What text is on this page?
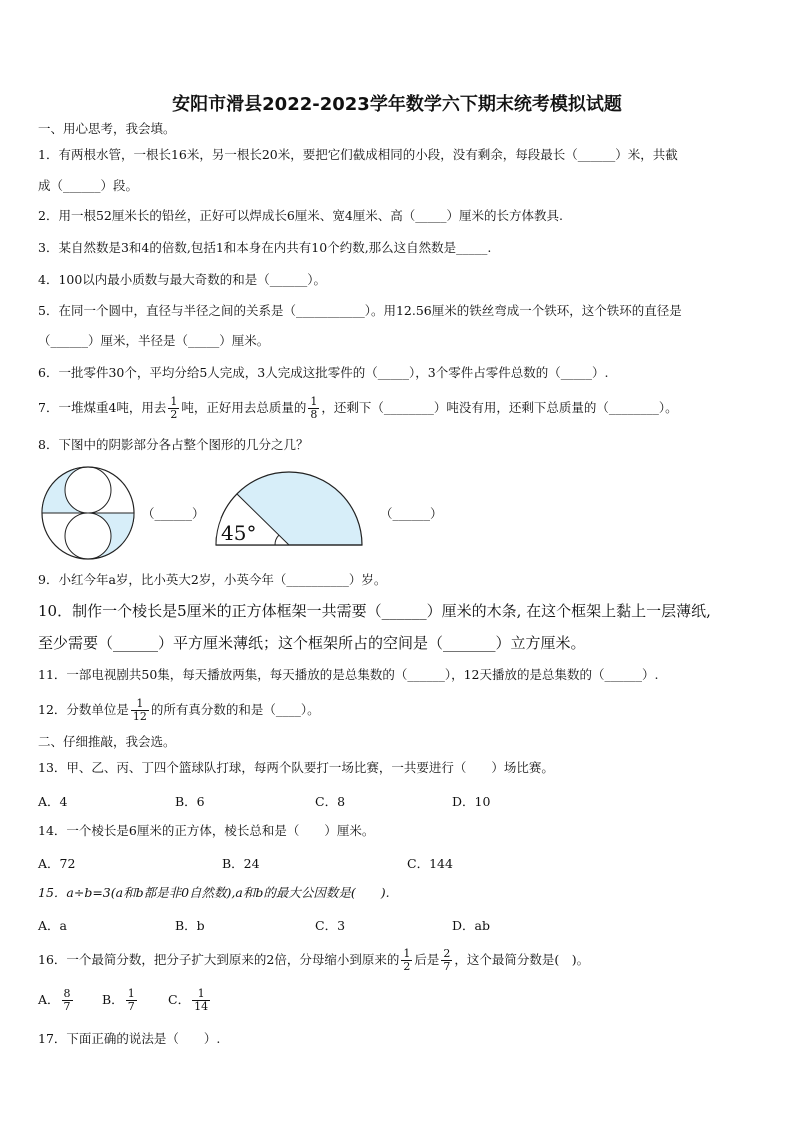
安阳市滑县2022-2023学年数学六下期末统考模拟试题
一、用心思考，我会填。
1．有两根水管，一根长16米，另一根长20米，要把它们截成相同的小段，没有剩余，每段最长（______）米，共截
成（______）段。
2．用一根52厘米长的铅丝，正好可以焊成长6厘米、宽4厘米、高（_____）厘米的长方体教具.
3．某自然数是3和4的倍数,包括1和本身在内共有10个约数,那么这自然数是_____.
4．100以内最小质数与最大奇数的和是（______）。
5．在同一个圆中，直径与半径之间的关系是（___________）。用12.56厘米的铁丝弯成一个铁环，这个铁环的直径是
（______）厘米，半径是（_____）厘米。
6．一批零件30个，平均分给5人完成，3人完成这批零件的（_____），3个零件占零件总数的（_____）.
7．一堆煤重4吨，用去 $\frac{1}{2}$ 吨，正好用去总质量的 $\frac{1}{8}$ ，还剩下（________）吨没有用，还剩下总质量的（________）。
8．下图中的阴影部分各占整个图形的几分之几？
（______）
45°
（______）
9．小红今年a岁，比小英大2岁，小英今年（__________）岁。
10．制作一个棱长是5厘米的正方体框架一共需要（______）厘米的木条, 在这个框架上黏上一层薄纸,
至少需要（______）平方厘米薄纸；这个框架所占的空间是（_______）立方厘米。
11．一部电视剧共50集，每天播放两集，每天播放的是总集数的（______），12天播放的是总集数的（______）.
12．分数单位是 $\frac{1}{12}$ 的所有真分数的和是（____）。
二、仔细推敲，我会选。
13．甲、乙、丙、丁四个篮球队打球，每两个队要打一场比赛，一共要进行（　　）场比赛。
A．4	B．6	C．8	D．10
14．一个棱长是6厘米的正方体，棱长总和是（　　）厘米。
A．72	B．24	C．144
15．a÷b=3(a和b都是非0自然数),a和b的最大公因数是(　　).
A．a	B．b	C．3	D．ab
16．一个最简分数，把分子扩大到原来的2倍，分母缩小到原来的 $\frac{1}{2}$ 后是 $\frac{2}{7}$ ，这个最简分数是(　)。
A． $\frac{8}{7}$ B． $\frac{1}{7}$	C． $\frac{1}{14}$
17．下面正确的说法是（　　）.
